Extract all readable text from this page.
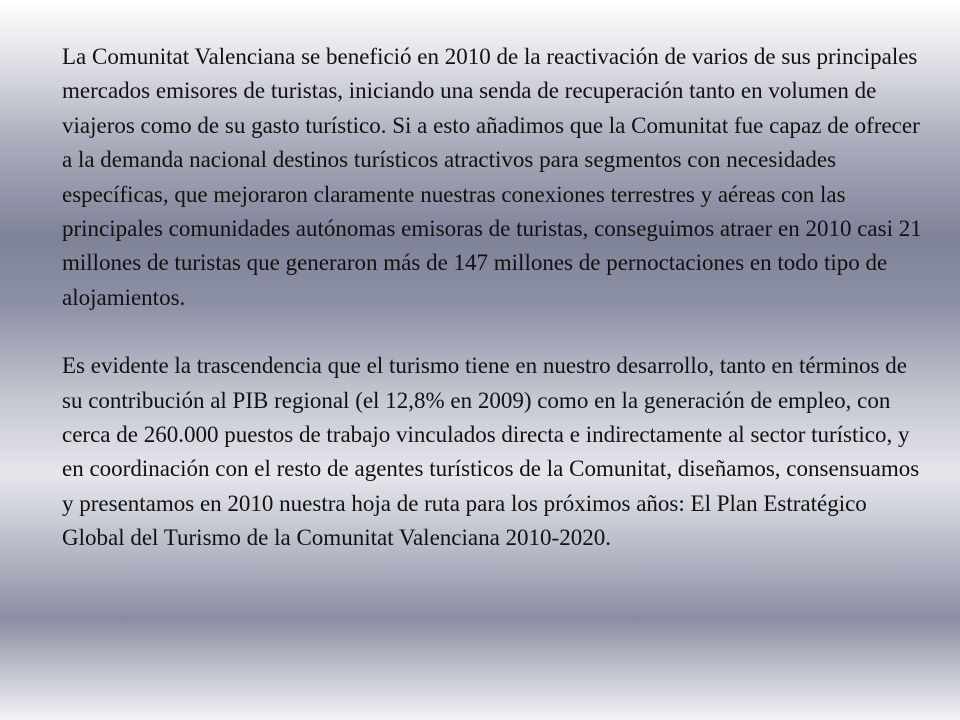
La Comunitat Valenciana se benefició en 2010 de la reactivación de varios de sus principales mercados emisores de turistas, iniciando una senda de recuperación tanto en volumen de viajeros como de su gasto turístico. Si a esto añadimos que la Comunitat fue capaz de ofrecer a la demanda nacional destinos turísticos atractivos para segmentos con necesidades específicas, que mejoraron claramente nuestras conexiones terrestres y aéreas con las principales comunidades autónomas emisoras de turistas, conseguimos atraer en 2010 casi 21 millones de turistas que generaron más de 147 millones de pernoctaciones en todo tipo de alojamientos.

Es evidente la trascendencia que el turismo tiene en nuestro desarrollo, tanto en términos de su contribución al PIB regional (el 12,8% en 2009) como en la generación de empleo, con cerca de 260.000 puestos de trabajo vinculados directa e indirectamente al sector turístico, y en coordinación con el resto de agentes turísticos de la Comunitat, diseñamos, consensuamos y presentamos en 2010 nuestra hoja de ruta para los próximos años: El Plan Estratégico Global del Turismo de la Comunitat Valenciana 2010-2020.
